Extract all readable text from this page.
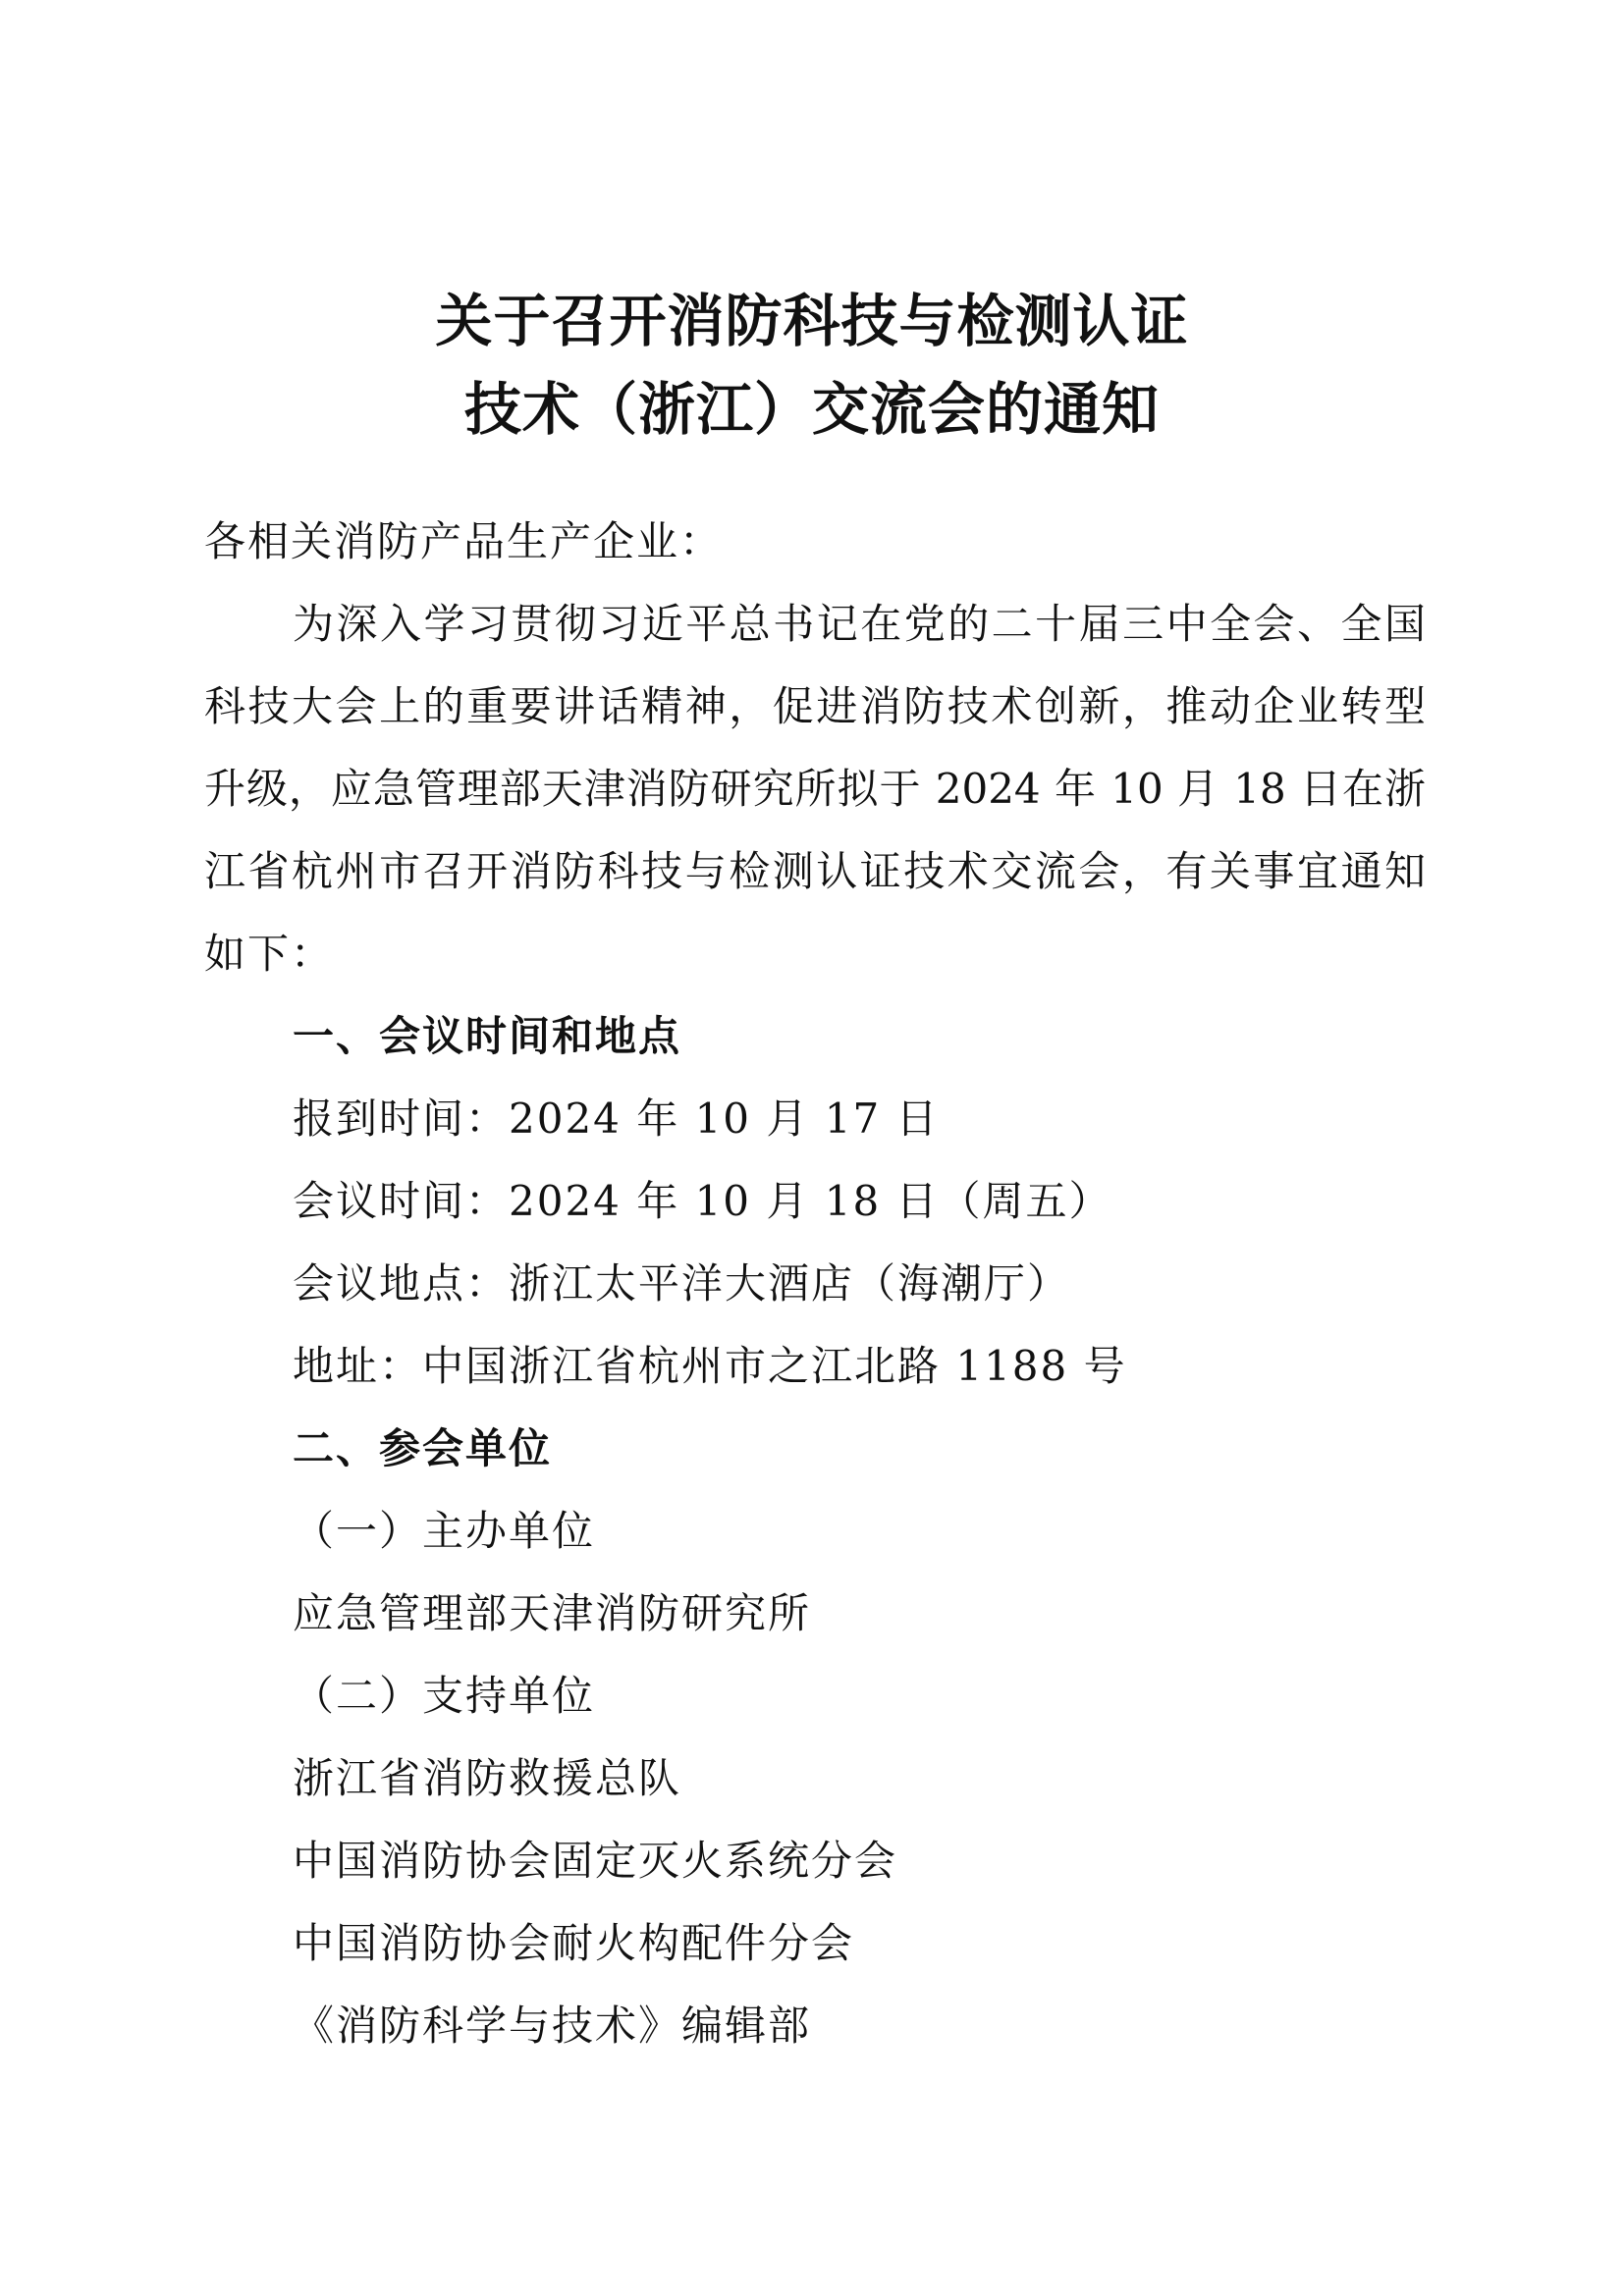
关于召开消防科技与检测认证
技术（浙江）交流会的通知

各相关消防产品生产企业：

为深入学习贯彻习近平总书记在党的二十届三中全会、全国

科技大会上的重要讲话精神，促进消防技术创新，推动企业转型

升级，应急管理部天津消防研究所拟于 2024 年 10 月 18 日在浙

江省杭州市召开消防科技与检测认证技术交流会，有关事宜通知

如下：

一、会议时间和地点

报到时间：2024 年 10 月 17 日

会议时间：2024 年 10 月 18 日（周五）

会议地点：浙江太平洋大酒店（海潮厅）

地址：中国浙江省杭州市之江北路 1188 号

二、参会单位

（一）主办单位

应急管理部天津消防研究所

（二）支持单位

浙江省消防救援总队

中国消防协会固定灭火系统分会

中国消防协会耐火构配件分会

《消防科学与技术》编辑部
